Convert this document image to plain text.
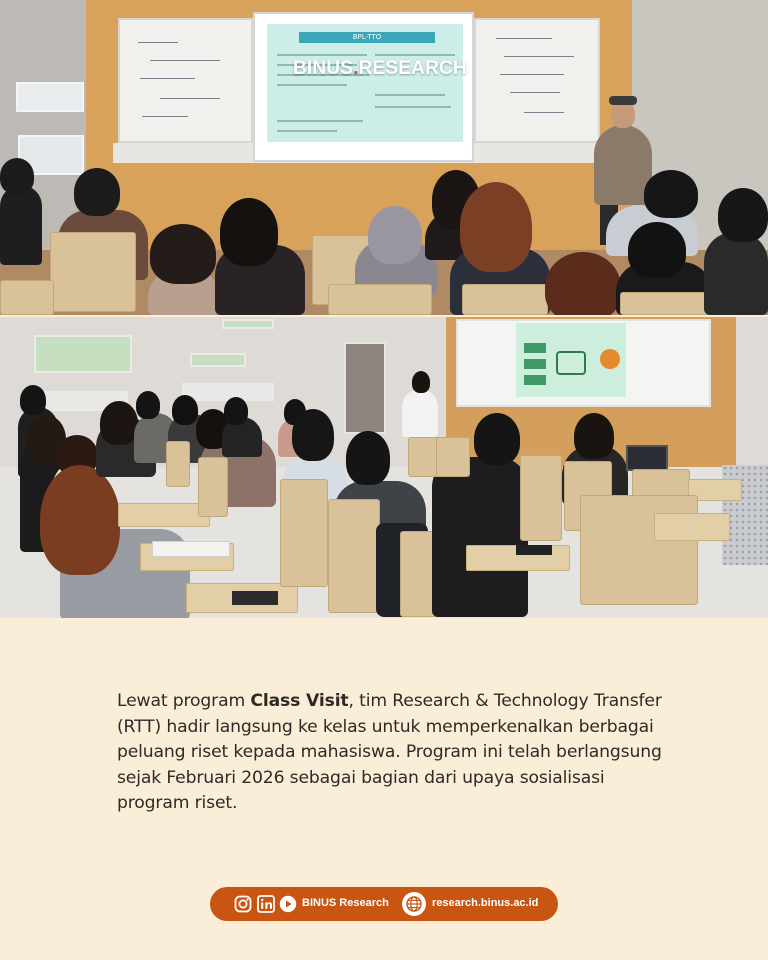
BPL-TTO
BINUS.RESEARCH

Lewat program Class Visit, tim Research & Technology Transfer (RTT) hadir langsung ke kelas untuk memperkenalkan berbagai peluang riset kepada mahasiswa. Program ini telah berlangsung sejak Februari 2026 sebagai bagian dari upaya sosialisasi program riset.

BINUS Research	research.binus.ac.id
